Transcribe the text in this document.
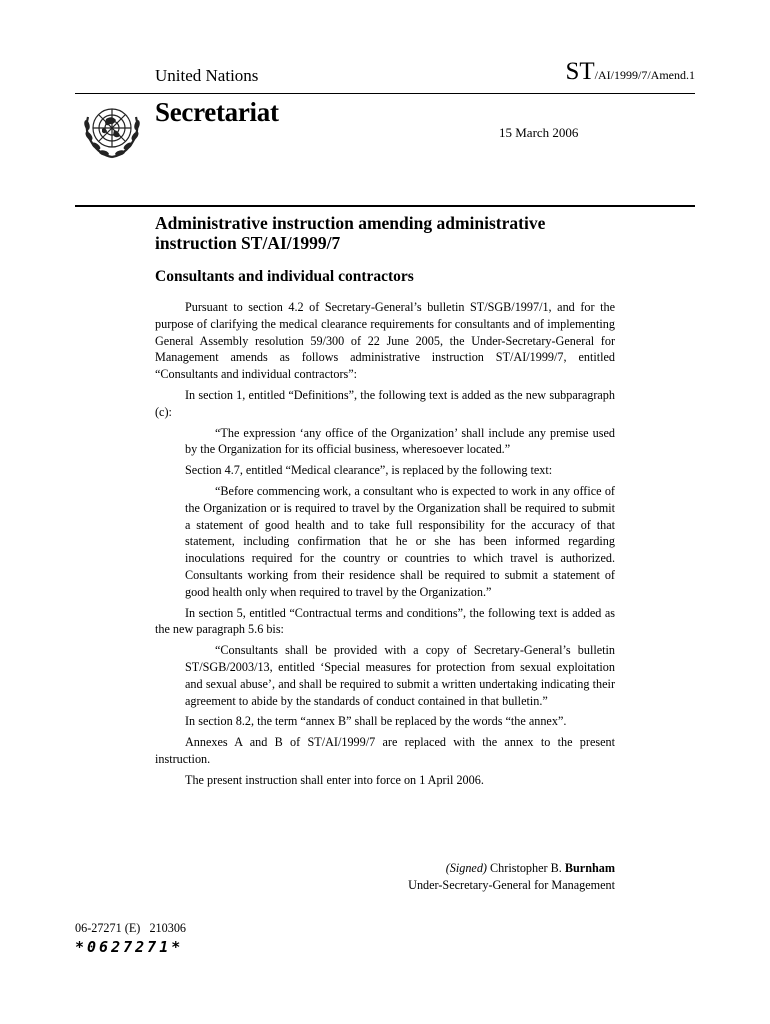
United Nations	ST/AI/1999/7/Amend.1
Secretariat
15 March 2006
Administrative instruction amending administrative instruction ST/AI/1999/7
Consultants and individual contractors

Pursuant to section 4.2 of Secretary-General’s bulletin ST/SGB/1997/1, and for the purpose of clarifying the medical clearance requirements for consultants and of implementing General Assembly resolution 59/300 of 22 June 2005, the Under-Secretary-General for Management amends as follows administrative instruction ST/AI/1999/7, entitled “Consultants and individual contractors”:

In section 1, entitled “Definitions”, the following text is added as the new subparagraph (c):

“The expression ‘any office of the Organization’ shall include any premise used by the Organization for its official business, wheresoever located.”

Section 4.7, entitled “Medical clearance”, is replaced by the following text:

“Before commencing work, a consultant who is expected to work in any office of the Organization or is required to travel by the Organization shall be required to submit a statement of good health and to take full responsibility for the accuracy of that statement, including confirmation that he or she has been informed regarding inoculations required for the country or countries to which travel is authorized. Consultants working from their residence shall be required to submit a statement of good health only when required to travel by the Organization.”

In section 5, entitled “Contractual terms and conditions”, the following text is added as the new paragraph 5.6 bis:

“Consultants shall be provided with a copy of Secretary-General’s bulletin ST/SGB/2003/13, entitled ‘Special measures for protection from sexual exploitation and sexual abuse’, and shall be required to submit a written undertaking indicating their agreement to abide by the standards of conduct contained in that bulletin.”

In section 8.2, the term “annex B” shall be replaced by the words “the annex”.

Annexes A and B of ST/AI/1999/7 are replaced with the annex to the present instruction.

The present instruction shall enter into force on 1 April 2006.

(Signed) Christopher B. Burnham
Under-Secretary-General for Management
06-27271 (E)   210306
*0627271*
